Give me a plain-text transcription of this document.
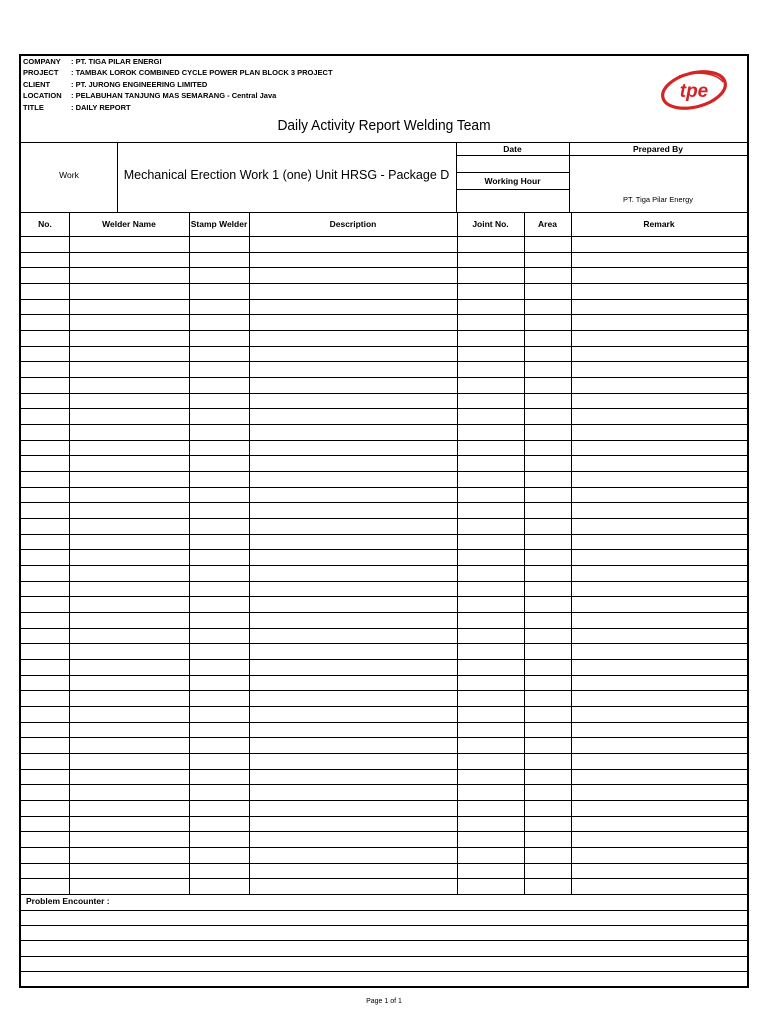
COMPANY	: PT. TIGA PILAR ENERGI
PROJECT	: TAMBAK LOROK COMBINED CYCLE POWER PLAN BLOCK 3 PROJECT
CLIENT	: PT. JURONG ENGINEERING LIMITED
LOCATION	: PELABUHAN TANJUNG MAS SEMARANG - Central Java
TITLE	: DAILY REPORT
tpe
Daily Activity Report Welding Team
Work	Mechanical Erection Work 1 (one) Unit HRSG - Package D
Date
Working Hour
Prepared By
PT. Tiga Pilar Energy
No.	Welder Name	Stamp Welder	Description	Joint No.	Area	Remark
Problem Encounter :
Page 1 of 1
